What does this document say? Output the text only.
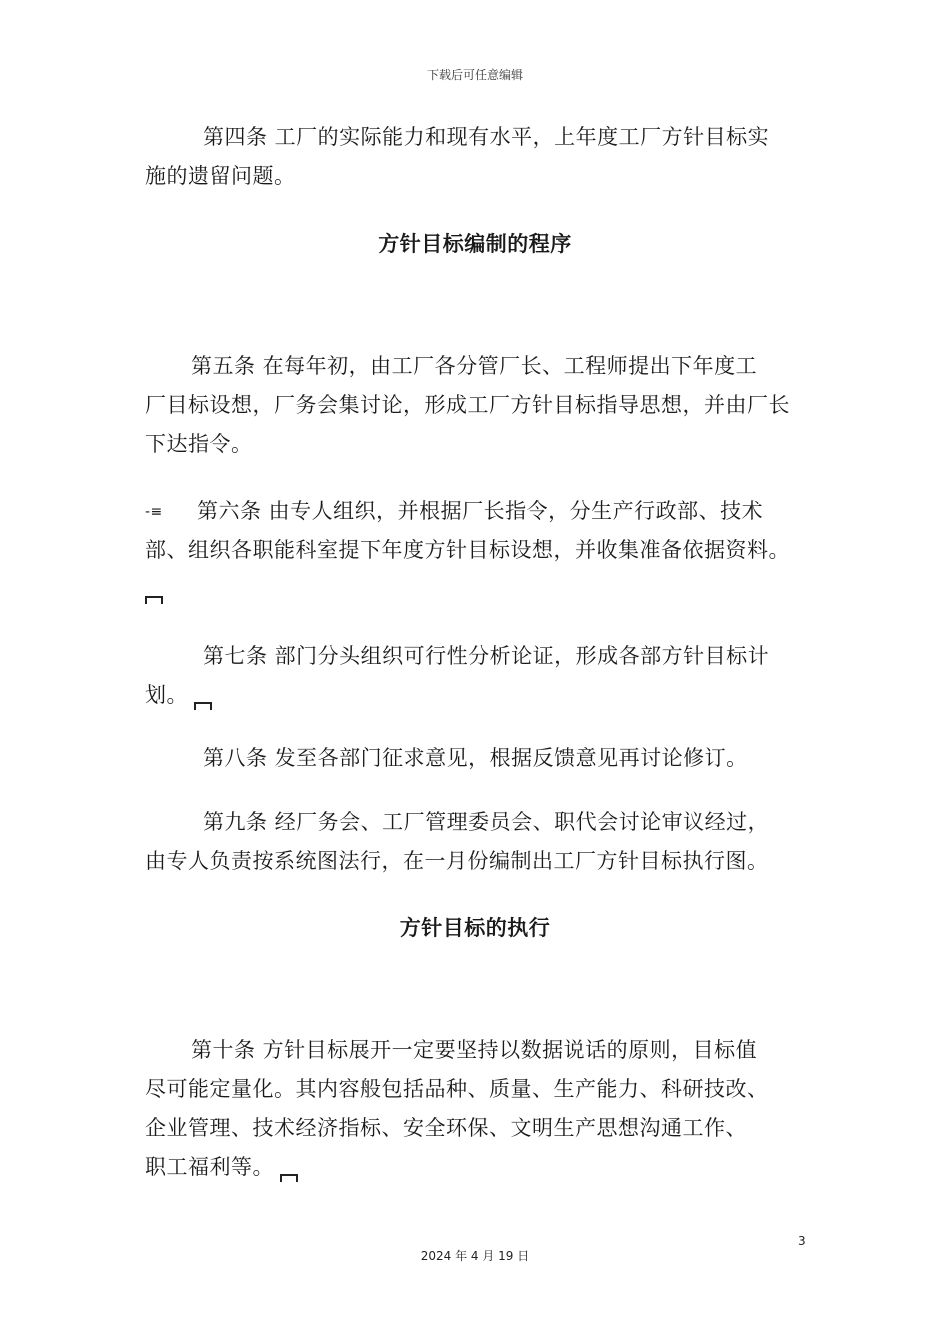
下载后可任意编辑
第四条 工厂的实际能力和现有水平，上年度工厂方针目标实
施的遗留问题。
方针目标编制的程序
第五条 在每年初，由工厂各分管厂长、工程师提出下年度工
厂目标设想，厂务会集讨论，形成工厂方针目标指导思想，并由厂长
下达指令。
-≡ 第六条 由专人组织，并根据厂长指令，分生产行政部、技术
部、组织各职能科室提下年度方针目标设想，并收集准备依据资料。
第七条 部门分头组织可行性分析论证，形成各部方针目标计
划。
第八条 发至各部门征求意见，根据反馈意见再讨论修订。
第九条 经厂务会、工厂管理委员会、职代会讨论审议经过，
由专人负责按系统图法行，在一月份编制出工厂方针目标执行图。
方针目标的执行
第十条 方针目标展开一定要坚持以数据说话的原则，目标值
尽可能定量化。其内容般包括品种、质量、生产能力、科研技改、
企业管理、技术经济指标、安全环保、文明生产思想沟通工作、
职工福利等。
3
2024 年 4 月 19 日
